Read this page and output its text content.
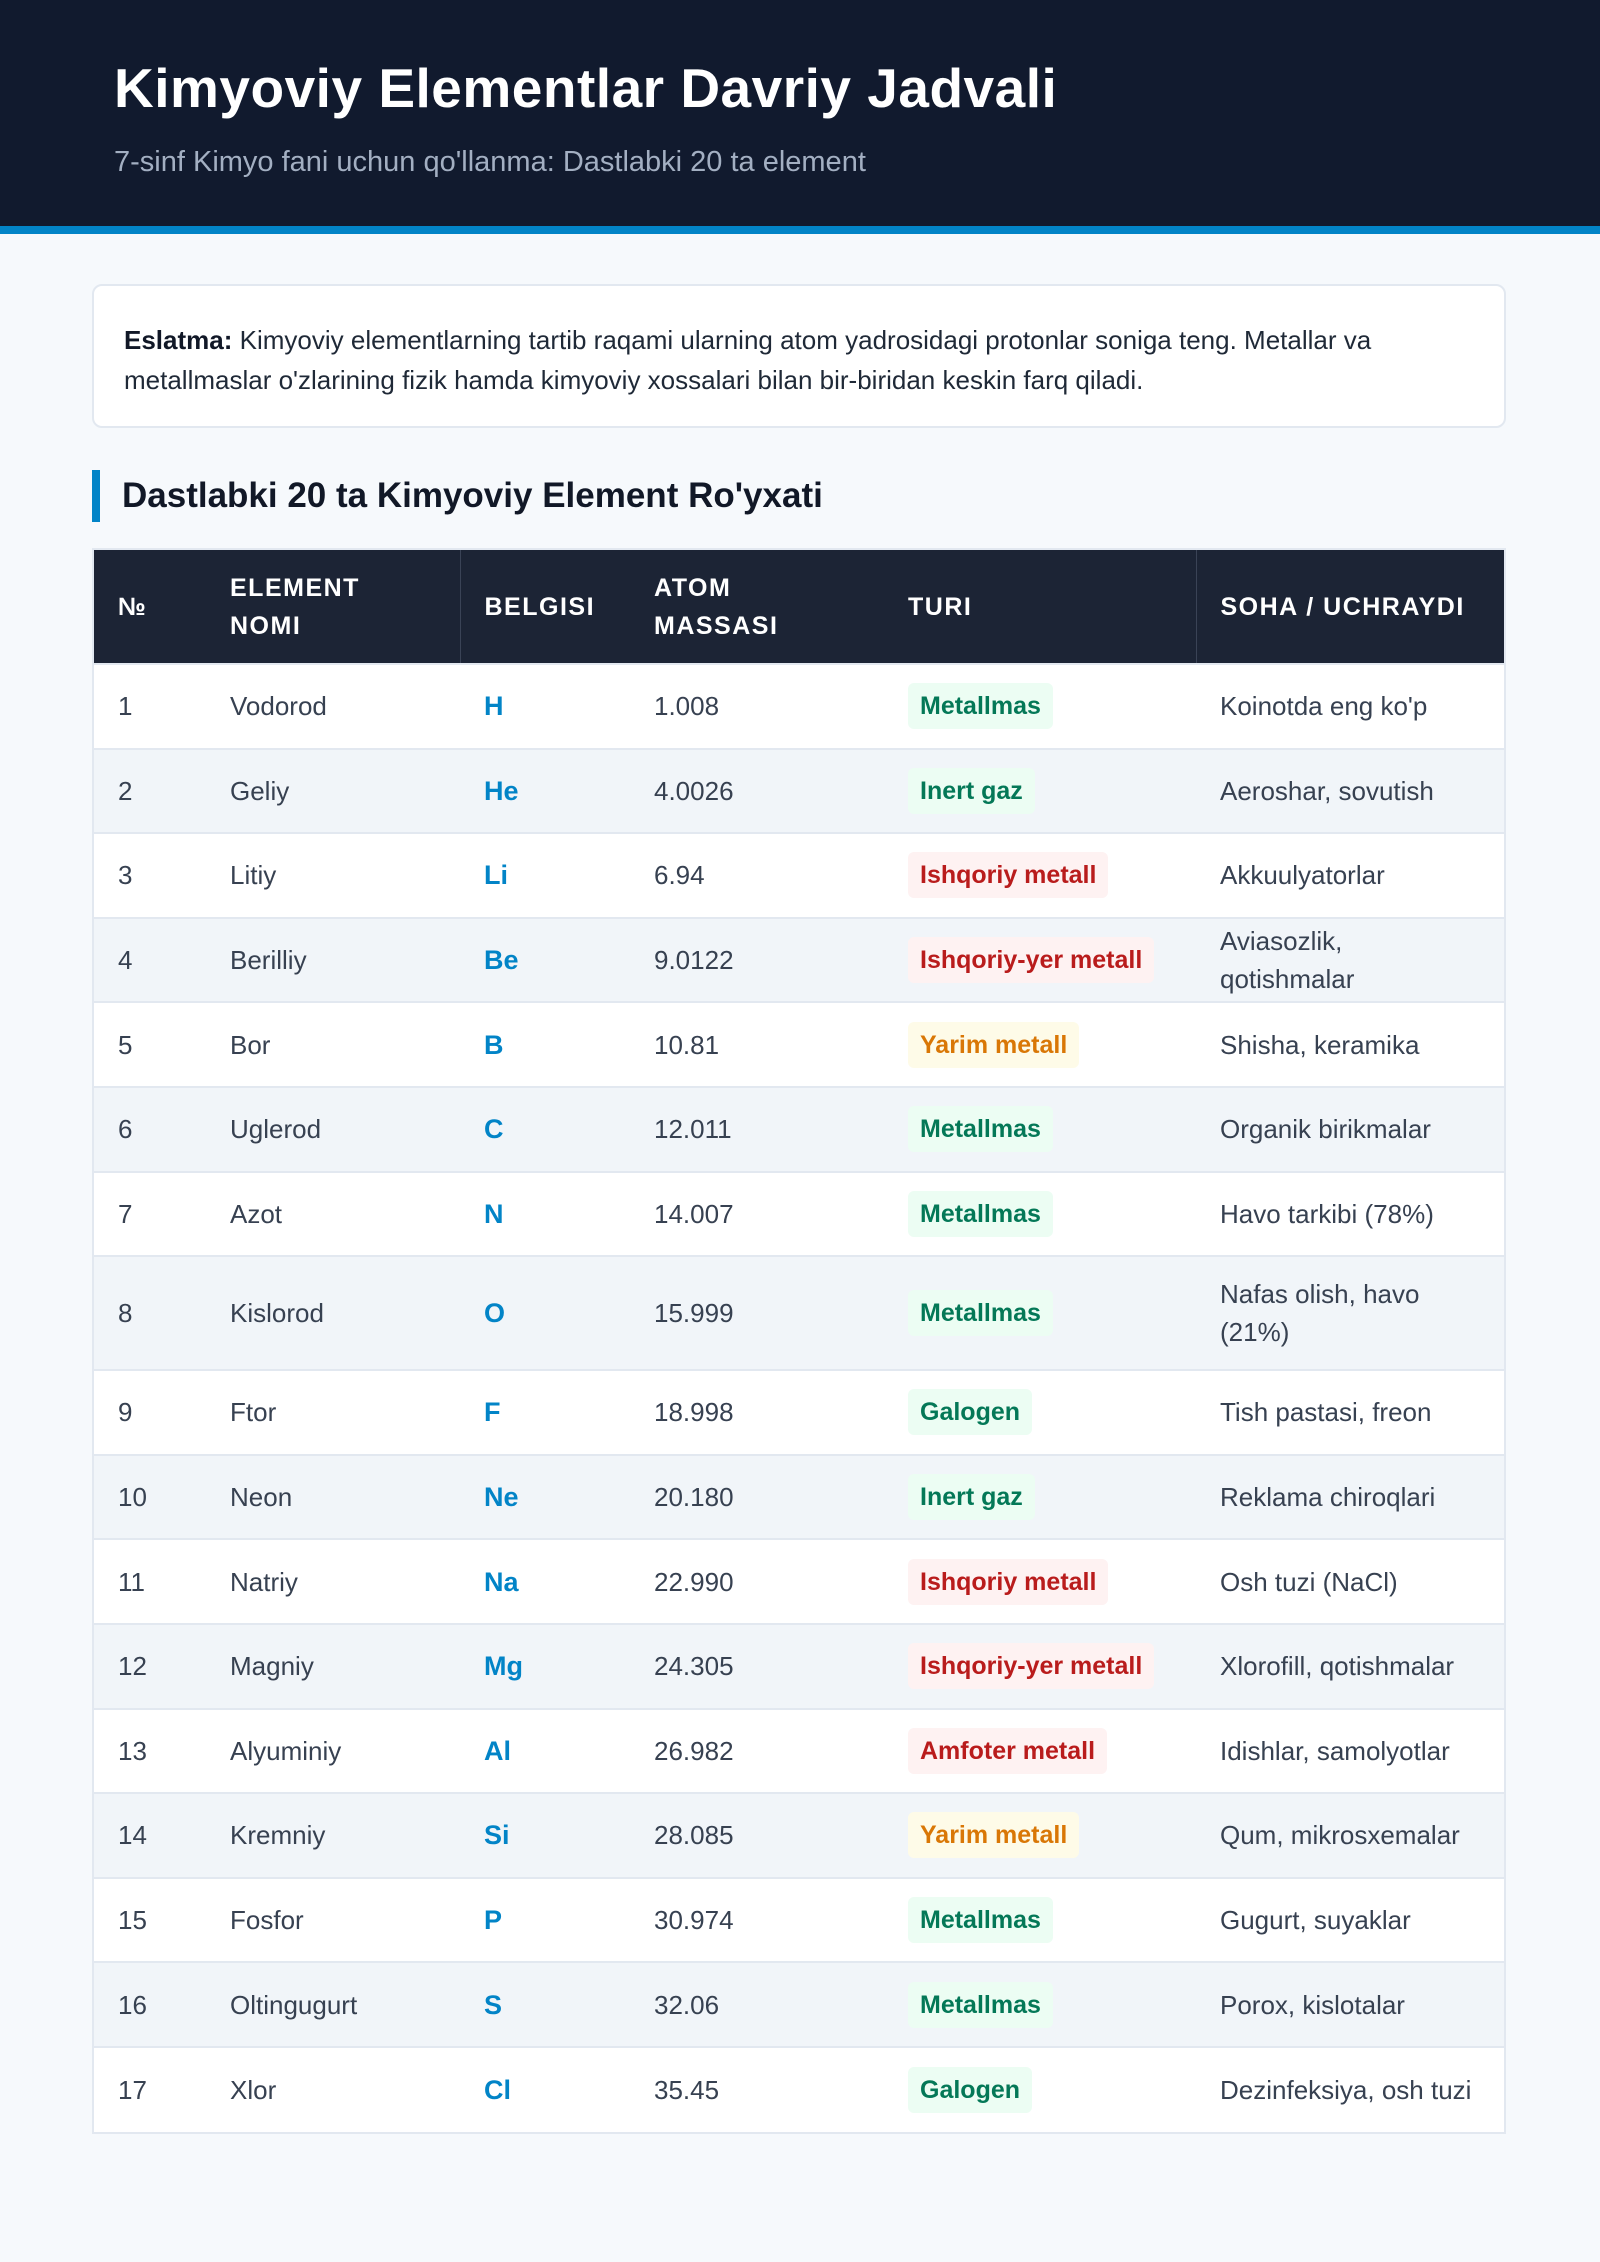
Kimyoviy Elementlar Davriy Jadvali
7-sinf Kimyo fani uchun qo'llanma: Dastlabki 20 ta element
Eslatma: Kimyoviy elementlarning tartib raqami ularning atom yadrosidagi protonlar soniga teng. Metallar va metallmaslar o'zlarining fizik hamda kimyoviy xossalari bilan bir-biridan keskin farq qiladi.
Dastlabki 20 ta Kimyoviy Element Ro'yxati
№	ELEMENT NOMI	BELGISI	ATOM MASSASI	TURI	SOHA / UCHRAYDI
1	Vodorod	H	1.008	Metallmas	Koinotda eng ko'p
2	Geliy	He	4.0026	Inert gaz	Aeroshar, sovutish
3	Litiy	Li	6.94	Ishqoriy metall	Akkuulyatorlar
4	Berilliy	Be	9.0122	Ishqoriy-yer metall	Aviasozlik, qotishmalar
5	Bor	B	10.81	Yarim metall	Shisha, keramika
6	Uglerod	C	12.011	Metallmas	Organik birikmalar
7	Azot	N	14.007	Metallmas	Havo tarkibi (78%)
8	Kislorod	O	15.999	Metallmas	Nafas olish, havo (21%)
9	Ftor	F	18.998	Galogen	Tish pastasi, freon
10	Neon	Ne	20.180	Inert gaz	Reklama chiroqlari
11	Natriy	Na	22.990	Ishqoriy metall	Osh tuzi (NaCl)
12	Magniy	Mg	24.305	Ishqoriy-yer metall	Xlorofill, qotishmalar
13	Alyuminiy	Al	26.982	Amfoter metall	Idishlar, samolyotlar
14	Kremniy	Si	28.085	Yarim metall	Qum, mikrosxemalar
15	Fosfor	P	30.974	Metallmas	Gugurt, suyaklar
16	Oltingugurt	S	32.06	Metallmas	Porox, kislotalar
17	Xlor	Cl	35.45	Galogen	Dezinfeksiya, osh tuzi
